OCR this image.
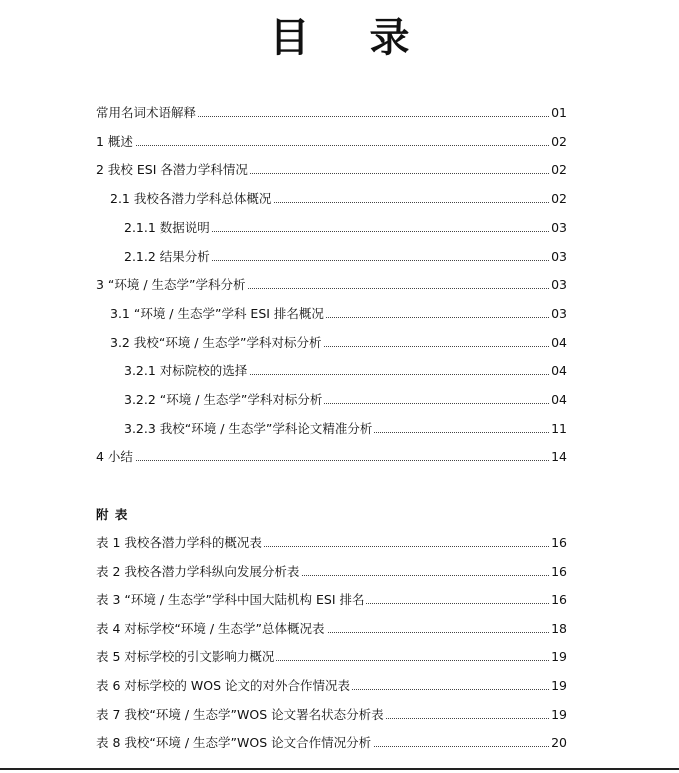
目 录
常用名词术语解释	01
1 概述	02
2 我校 ESI 各潜力学科情况	02
2.1 我校各潜力学科总体概况	02
2.1.1 数据说明	03
2.1.2 结果分析	03
3 “环境 / 生态学”学科分析	03
3.1 “环境 / 生态学”学科 ESI 排名概况	03
3.2 我校“环境 / 生态学”学科对标分析	04
3.2.1 对标院校的选择	04
3.2.2 “环境 / 生态学”学科对标分析	04
3.2.3 我校“环境 / 生态学”学科论文精准分析	11
4 小结	14
附 表
表 1 我校各潜力学科的概况表	16
表 2 我校各潜力学科纵向发展分析表	16
表 3 “环境 / 生态学”学科中国大陆机构 ESI 排名	16
表 4 对标学校“环境 / 生态学”总体概况表	18
表 5 对标学校的引文影响力概况	19
表 6 对标学校的 WOS 论文的对外合作情况表	19
表 7 我校“环境 / 生态学”WOS 论文署名状态分析表	19
表 8 我校“环境 / 生态学”WOS 论文合作情况分析	20
